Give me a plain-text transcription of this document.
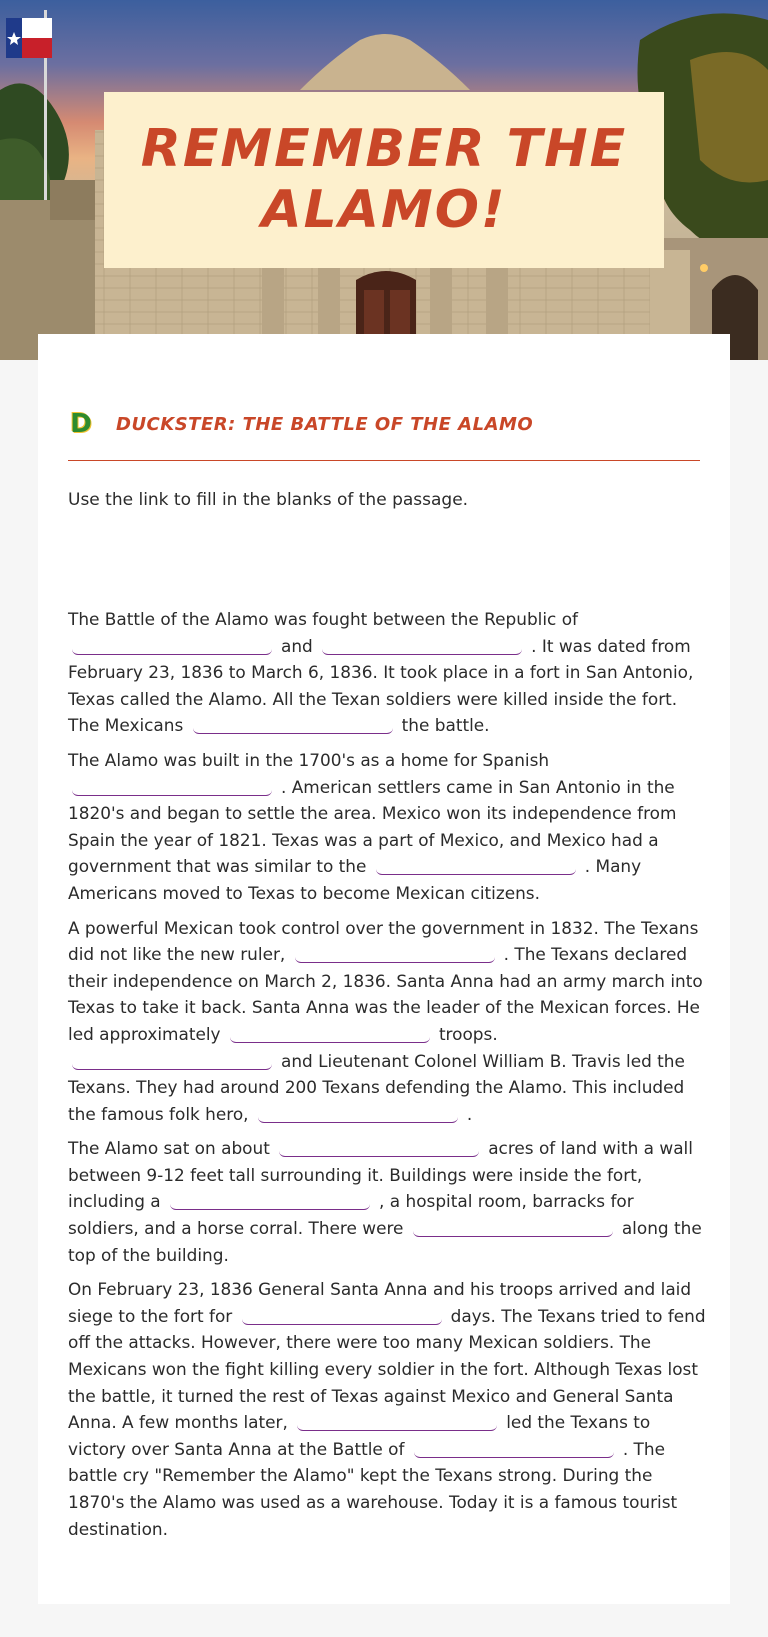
REMEMBER THE ALAMO!
D DUCKSTER: THE BATTLE OF THE ALAMO
Use the link to fill in the blanks of the passage.

The Battle of the Alamo was fought between the Republic of and	. It was dated from February 23, 1836 to March 6, 1836. It took place in a fort in San Antonio, Texas called the Alamo. All the Texan soldiers were killed inside the fort. The Mexicans	the battle.

The Alamo was built in the 1700's as a home for Spanish . American settlers came in San Antonio in the 1820's and began to settle the area. Mexico won its independence from Spain the year of 1821. Texas was a part of Mexico, and Mexico had a government that was similar to the	. Many Americans moved to Texas to become Mexican citizens.

A powerful Mexican took control over the government in 1832. The Texans did not like the new ruler,	. The Texans declared their independence on March 2, 1836. Santa Anna had an army march into Texas to take it back. Santa Anna was the leader of the Mexican forces. He led approximately	troops. and Lieutenant Colonel William B. Travis led the Texans. They had around 200 Texans defending the Alamo. This included the famous folk hero,	.

The Alamo sat on about	acres of land with a wall between 9-12 feet tall surrounding it. Buildings were inside the fort, including a	, a hospital room, barracks for soldiers, and a horse corral. There were	along the top of the building.

On February 23, 1836 General Santa Anna and his troops arrived and laid siege to the fort for	days. The Texans tried to fend off the attacks. However, there were too many Mexican soldiers. The Mexicans won the fight killing every soldier in the fort. Although Texas lost the battle, it turned the rest of Texas against Mexico and General Santa Anna. A few months later,	led the Texans to victory over Santa Anna at the Battle of	. The battle cry "Remember the Alamo" kept the Texans strong. During the 1870's the Alamo was used as a warehouse. Today it is a famous tourist destination.
